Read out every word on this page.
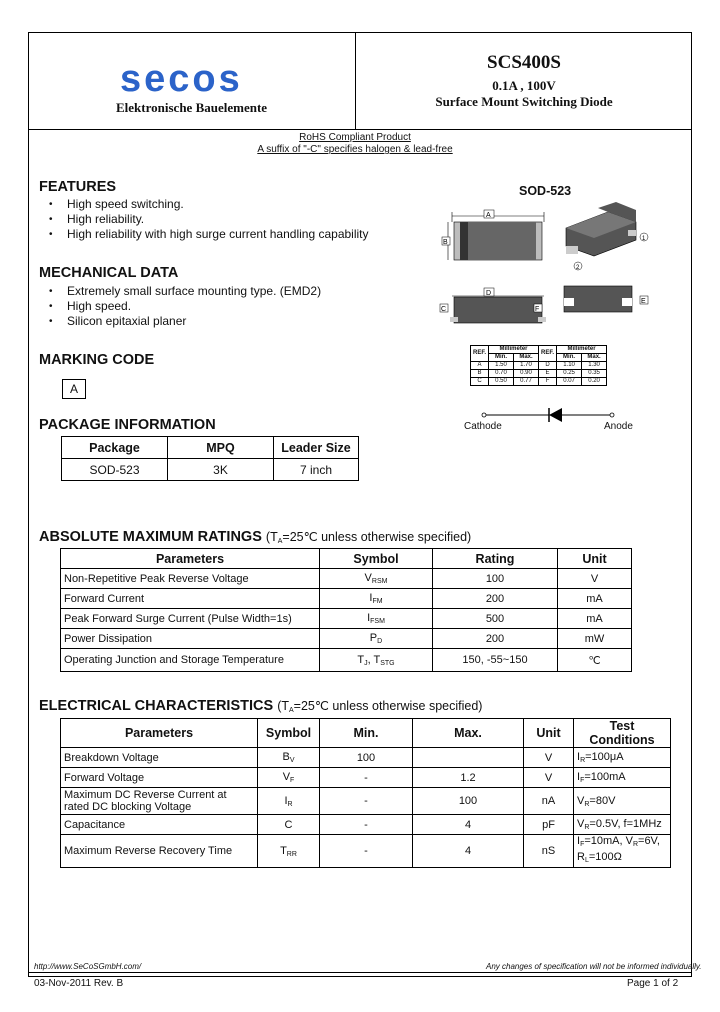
secos
Elektronische Bauelemente
SCS400S
0.1A , 100V
Surface Mount Switching Diode
RoHS Compliant Product
A suffix of "-C" specifies halogen & lead-free
FEATURES
• High speed switching.
• High reliability.
• High reliability with high surge current handling capability
MECHANICAL DATA
• Extremely small surface mounting type. (EMD2)
• High speed.
• Silicon epitaxial planer
MARKING CODE
A
PACKAGE INFORMATION
Package	MPQ	Leader Size
SOD-523	3K	7 inch
SOD-523
A
B	1
2
D
C	F
E
REF.	Millimeter		REF.	Millimeter	
	Min.	Max.		Min.	Max.
A	1.50	1.70	D	1.10	1.30
B	0.70	0.90	E	0.25	0.35
C	0.50	0.77	F	0.07	0.20
Cathode	Anode
ABSOLUTE MAXIMUM RATINGS ($T_A=25℃$ unless otherwise specified)
Parameters	Symbol	Rating	Unit
Non-Repetitive Peak Reverse Voltage	$V_{RSM}$	100	V
Forward Current	$I_{FM}$	200	mA
Peak Forward Surge Current (Pulse Width=1s)	$I_{FSM}$	500	mA
Power Dissipation	$P_D$	200	mW
Operating Junction and Storage Temperature	$T_J$, $T_{STG}$	150, -55~150	℃
ELECTRICAL CHARACTERISTICS ($T_A=25℃$ unless otherwise specified)
Parameters	Symbol	Min.	Max.	Unit	Test Conditions
Breakdown Voltage	$B_V$	100		V	$I_R=100\mu A$
Forward Voltage	$V_F$	-	1.2	V	$I_F=100mA$
Maximum DC Reverse Current at rated DC blocking Voltage	$I_R$	-	100	nA	$V_R=80V$
Capacitance	C	-	4	pF	$V_R=0.5V$, f=1MHz
Maximum Reverse Recovery Time	$T_{RR}$	-	4	nS	$I_F=10mA$, $V_R=6V$,
$R_L=100\Omega$
http://www.SeCoSGmbH.com/	Any changes of specification will not be informed individually.
03-Nov-2011 Rev. B	Page 1 of 2
